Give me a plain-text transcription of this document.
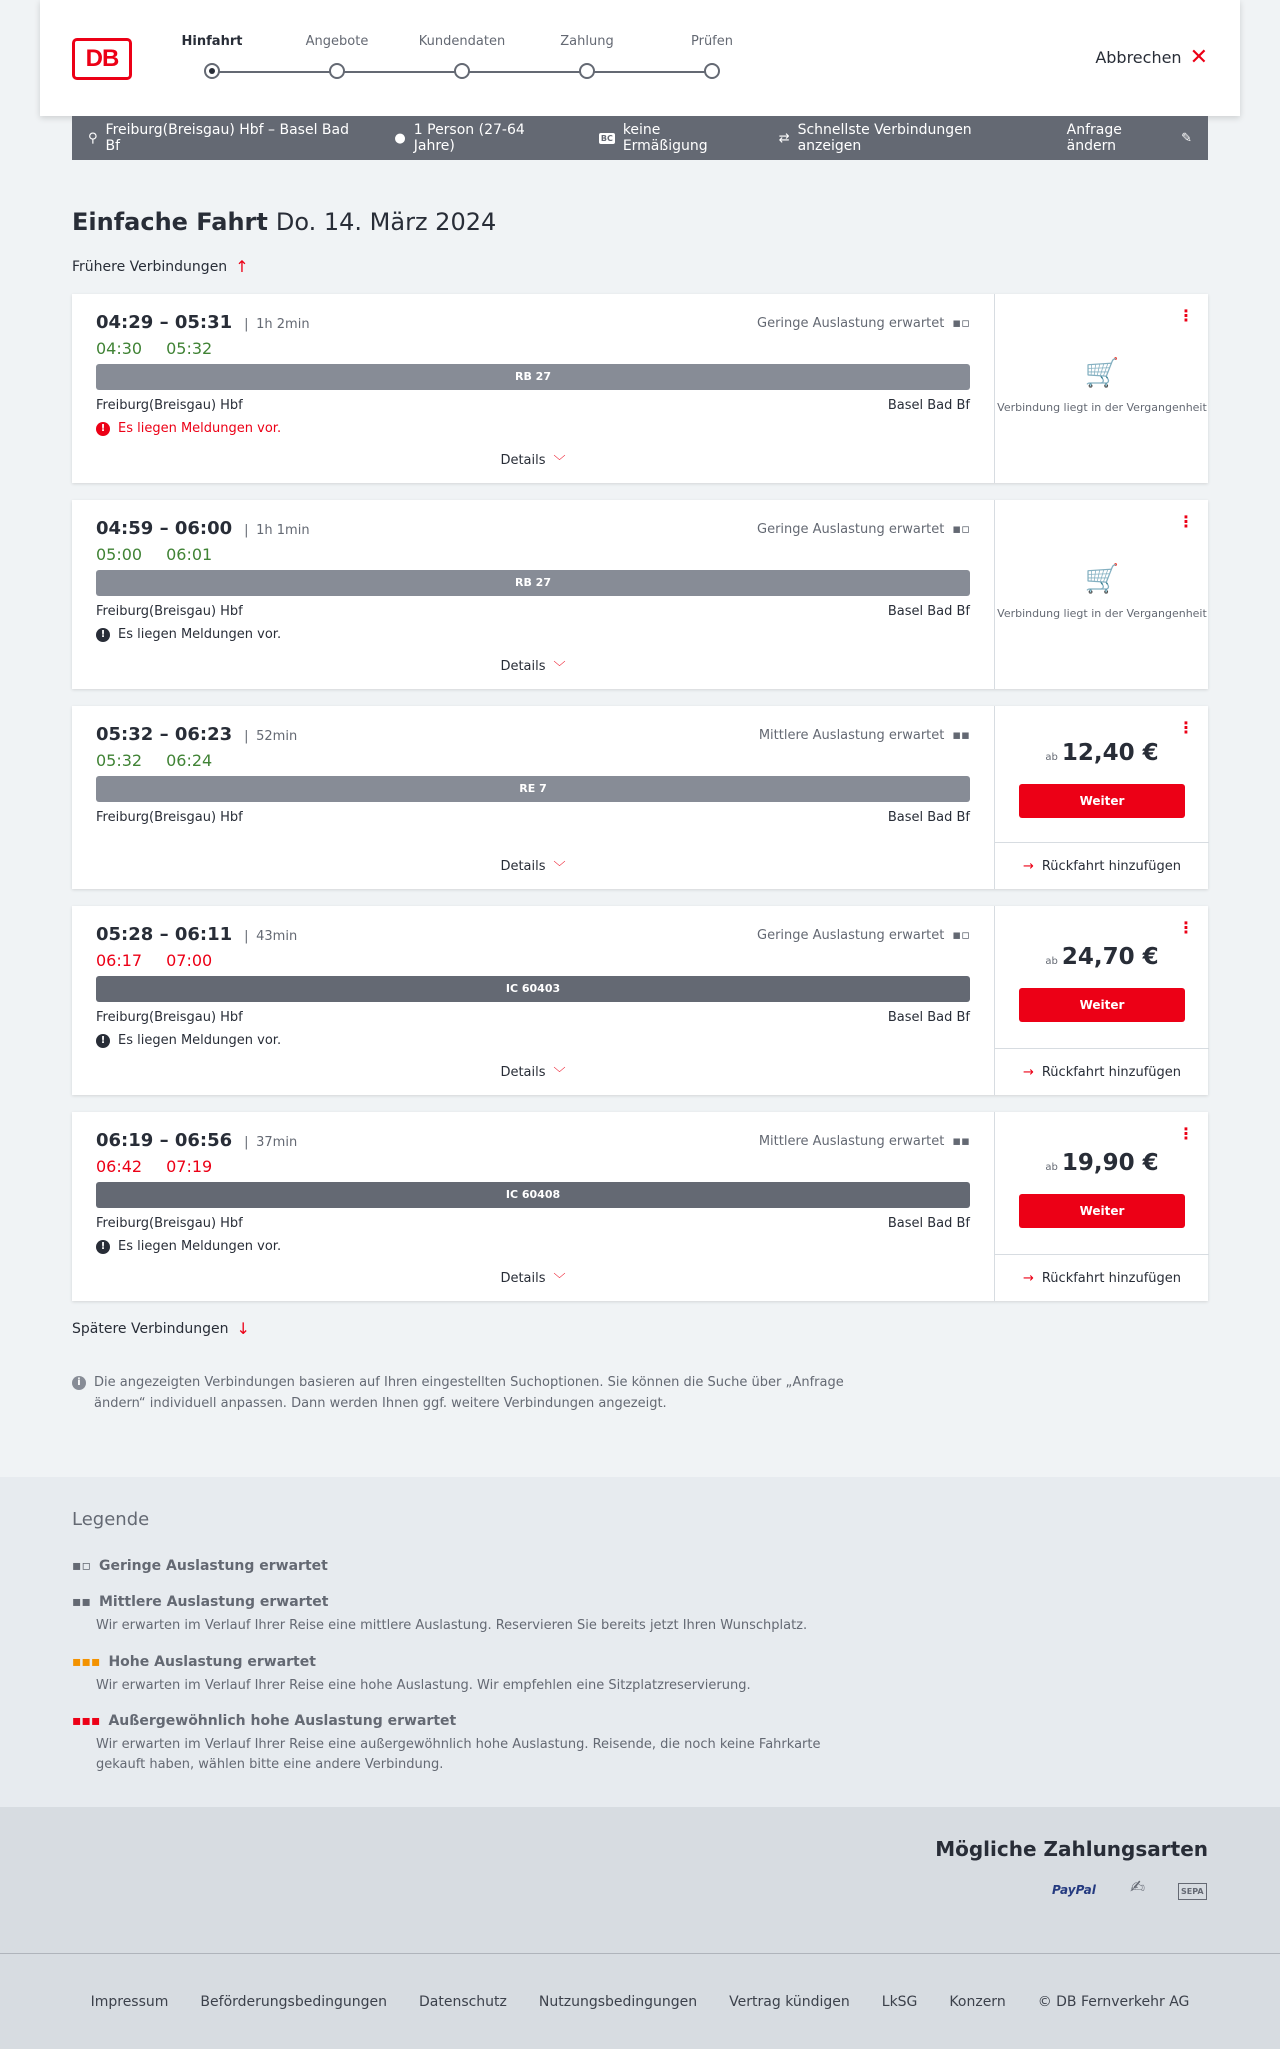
DB
Hinfahrt	Angebote	Kundendaten	Zahlung	Prüfen
Abbrechen ✕
⚲ Freiburg(Breisgau) Hbf – Basel Bad Bf	● 1 Person (27-64 Jahre)	BC keine Ermäßigung	⇄ Schnellste Verbindungen anzeigen
Anfrage ändern	✎
Einfache Fahrt Do. 14. März 2024
Frühere Verbindungen ↑
04:29 – 05:31	| 1h 2min	Geringe Auslastung erwartet ▪▫
04:30 05:32
RB 27
Freiburg(Breisgau) Hbf	Basel Bad Bf
! Es liegen Meldungen vor.
Details ﹀
⋮
🛒
Verbindung liegt in der Vergangenheit
04:59 – 06:00	| 1h 1min	Geringe Auslastung erwartet ▪▫
05:00 06:01
RB 27
Freiburg(Breisgau) Hbf	Basel Bad Bf
! Es liegen Meldungen vor.
Details ﹀
⋮
🛒
Verbindung liegt in der Vergangenheit
05:32 – 06:23	| 52min	Mittlere Auslastung erwartet ▪▪
05:32 06:24
RE 7
Freiburg(Breisgau) Hbf	Basel Bad Bf
Details ﹀
⋮
ab 12,40 €
Weiter
→ Rückfahrt hinzufügen
05:28 – 06:11	| 43min	Geringe Auslastung erwartet ▪▫
06:17 07:00
IC 60403
Freiburg(Breisgau) Hbf	Basel Bad Bf
! Es liegen Meldungen vor.
Details ﹀
⋮
ab 24,70 €
Weiter
→ Rückfahrt hinzufügen
06:19 – 06:56	| 37min	Mittlere Auslastung erwartet ▪▪
06:42 07:19
IC 60408
Freiburg(Breisgau) Hbf	Basel Bad Bf
! Es liegen Meldungen vor.
Details ﹀
⋮
ab 19,90 €
Weiter
→ Rückfahrt hinzufügen
Spätere Verbindungen ↓
i	Die angezeigten Verbindungen basieren auf Ihren eingestellten Suchoptionen. Sie können die Suche über „Anfrage ändern“ individuell anpassen. Dann werden Ihnen ggf. weitere Verbindungen angezeigt.
Legende
▪▫ Geringe Auslastung erwartet
▪▪ Mittlere Auslastung erwartet
Wir erwarten im Verlauf Ihrer Reise eine mittlere Auslastung. Reservieren Sie bereits jetzt Ihren Wunschplatz.
▪▪▪ Hohe Auslastung erwartet
Wir erwarten im Verlauf Ihrer Reise eine hohe Auslastung. Wir empfehlen eine Sitzplatzreservierung.
▪▪▪ Außergewöhnlich hohe Auslastung erwartet
Wir erwarten im Verlauf Ihrer Reise eine außergewöhnlich hohe Auslastung. Reisende, die noch keine Fahrkarte gekauft haben, wählen bitte eine andere Verbindung.
Mögliche Zahlungsarten
PayPal ✍	SEPA
Impressum Beförderungsbedingungen Datenschutz Nutzungsbedingungen Vertrag kündigen LkSG Konzern © DB Fernverkehr AG
